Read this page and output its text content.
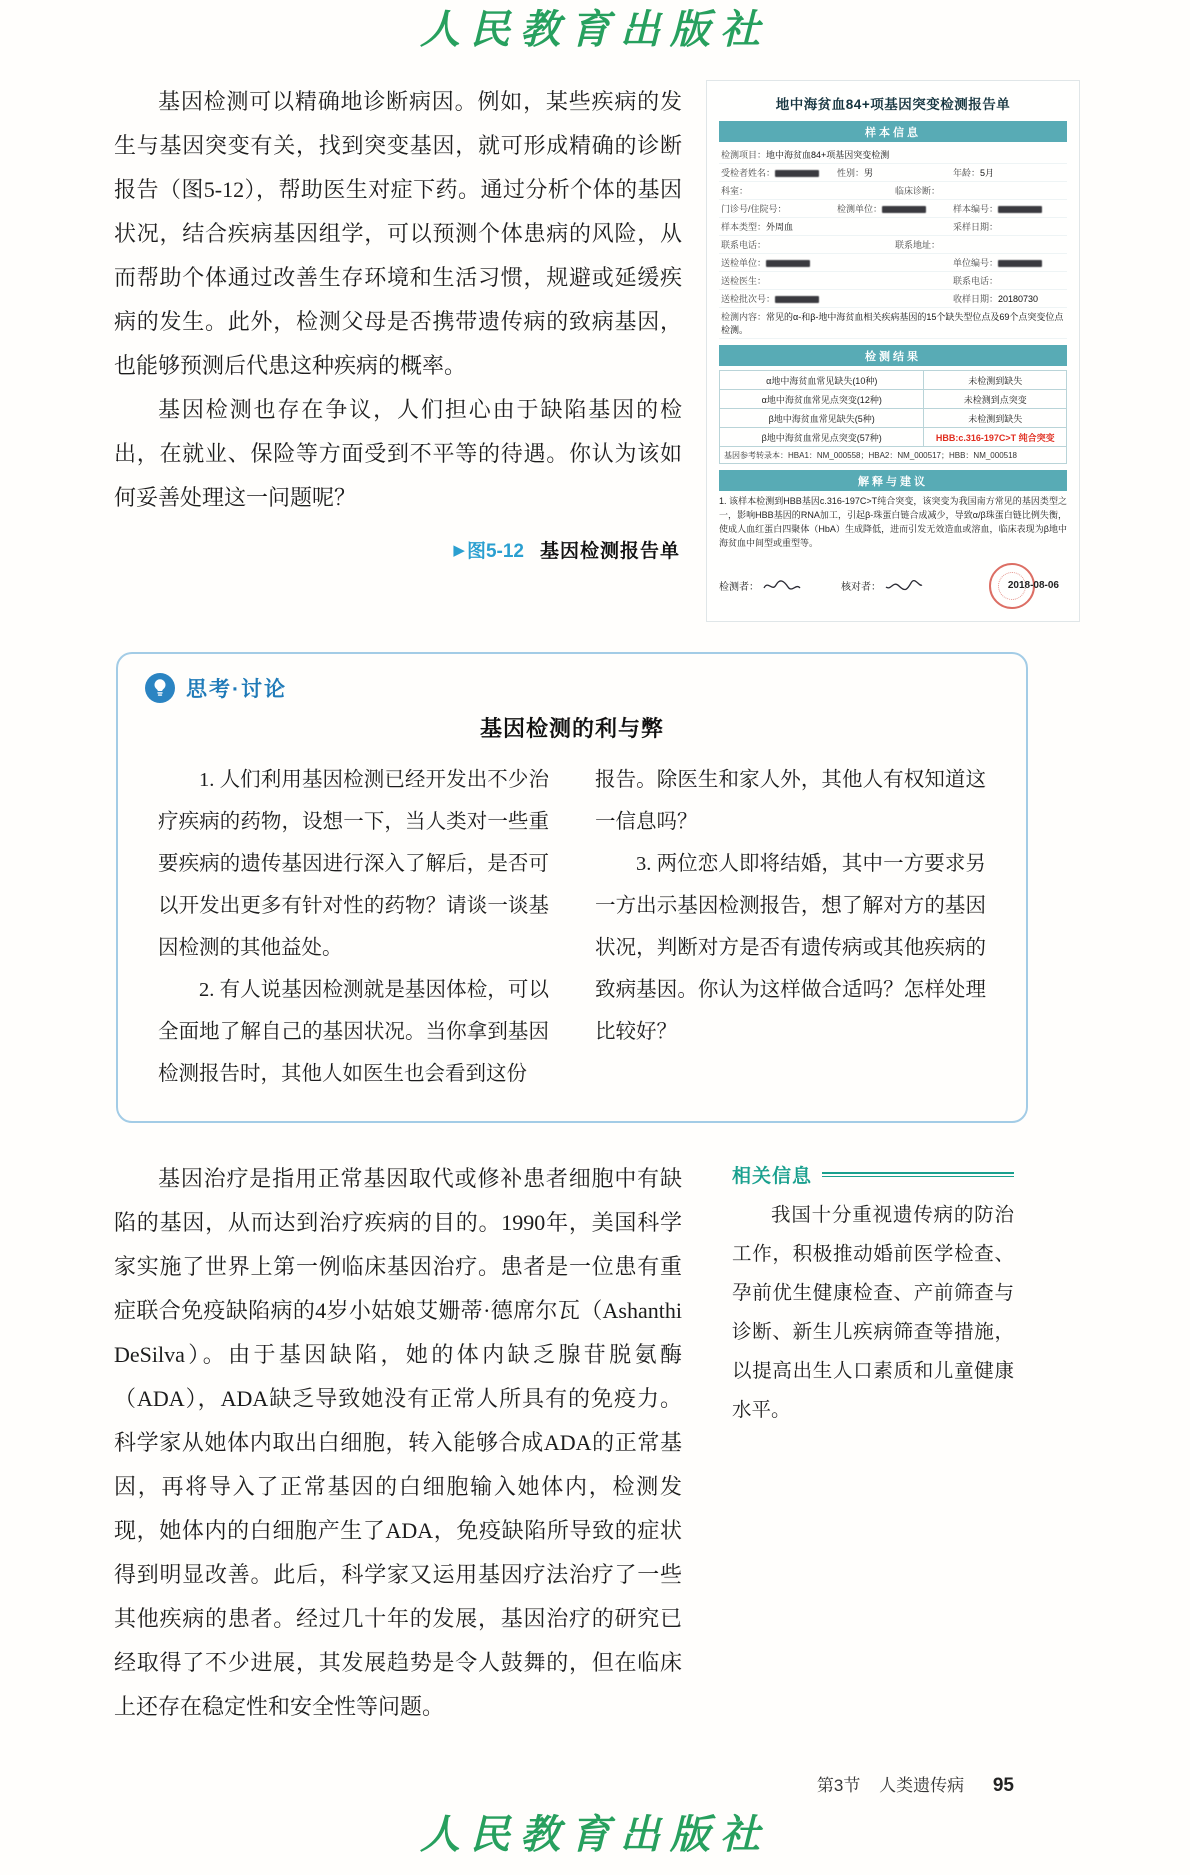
人民教育出版社

基因检测可以精确地诊断病因。例如，某些疾病的发生与基因突变有关，找到突变基因，就可形成精确的诊断报告（图5-12），帮助医生对症下药。通过分析个体的基因状况，结合疾病基因组学，可以预测个体患病的风险，从而帮助个体通过改善生存环境和生活习惯，规避或延缓疾病的发生。此外，检测父母是否携带遗传病的致病基因，也能够预测后代患这种疾病的概率。

基因检测也存在争议，人们担心由于缺陷基因的检出，在就业、保险等方面受到不平等的待遇。你认为该如何妥善处理这一问题呢？

▶ 图5-12 基因检测报告单
地中海贫血84+项基因突变检测报告单
样本信息
检测项目：地中海贫血84+项基因突变检测
受检者姓名：	性别：男	年龄：5月
科室：	临床诊断：
门诊号/住院号：	检测单位：	样本编号：
样本类型：外周血	采样日期：
联系电话：	联系地址：
送检单位：	单位编号：
送检医生：	联系电话：
送检批次号：	收样日期：20180730
检测内容：常见的α-和β-地中海贫血相关疾病基因的15个缺失型位点及69个点突变位点检测。
检测结果
α地中海贫血常见缺失(10种)	未检测到缺失
α地中海贫血常见点突变(12种)	未检测到点突变
β地中海贫血常见缺失(5种)	未检测到缺失
β地中海贫血常见点突变(57种)	HBB:c.316-197C>T 纯合突变
基因参考转录本：HBA1：NM_000558；HBA2：NM_000517；HBB：NM_000518
解释与建议

1. 该样本检测到HBB基因c.316-197C>T纯合突变，该突变为我国南方常见的基因类型之一，影响HBB基因的RNA加工，引起β-珠蛋白链合成减少，导致α/β珠蛋白链比例失衡，使成人血红蛋白四聚体（HbA）生成降低，进而引发无效造血或溶血，临床表现为β地中海贫血中间型或重型等。

检测者：	核对者：	2018-08-06
思考·讨论
基因检测的利与弊

1. 人们利用基因检测已经开发出不少治疗疾病的药物，设想一下，当人类对一些重要疾病的遗传基因进行深入了解后，是否可以开发出更多有针对性的药物？请谈一谈基因检测的其他益处。

2. 有人说基因检测就是基因体检，可以全面地了解自己的基因状况。当你拿到基因检测报告时，其他人如医生也会看到这份

报告。除医生和家人外，其他人有权知道这一信息吗？

3. 两位恋人即将结婚，其中一方要求另一方出示基因检测报告，想了解对方的基因状况，判断对方是否有遗传病或其他疾病的致病基因。你认为这样做合适吗？怎样处理比较好？

基因治疗是指用正常基因取代或修补患者细胞中有缺陷的基因，从而达到治疗疾病的目的。1990年，美国科学家实施了世界上第一例临床基因治疗。患者是一位患有重症联合免疫缺陷病的4岁小姑娘艾姗蒂·德席尔瓦（Ashanthi DeSilva）。由于基因缺陷，她的体内缺乏腺苷脱氨酶（ADA），ADA缺乏导致她没有正常人所具有的免疫力。科学家从她体内取出白细胞，转入能够合成ADA的正常基因，再将导入了正常基因的白细胞输入她体内，检测发现，她体内的白细胞产生了ADA，免疫缺陷所导致的症状得到明显改善。此后，科学家又运用基因疗法治疗了一些其他疾病的患者。经过几十年的发展，基因治疗的研究已经取得了不少进展，其发展趋势是令人鼓舞的，但在临床上还存在稳定性和安全性等问题。

相关信息

我国十分重视遗传病的防治工作，积极推动婚前医学检查、孕前优生健康检查、产前筛查与诊断、新生儿疾病筛查等措施，以提高出生人口素质和儿童健康水平。

第3节 人类遗传病 95
人民教育出版社
